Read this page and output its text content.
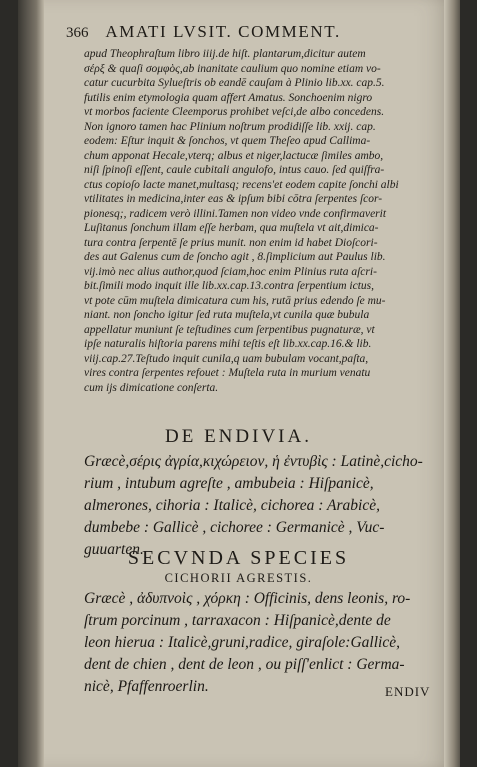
366 AMATI LVSIT. COMMENT.
apud Theophraſtum libro iiij.de hiſt. plantarum,dicitur autem
σέρξ & quaſi σομφὸς,ab inanitate caulium quo nomine etiam vo-
catur cucurbita Sylueſtris ob eandē cauſam à Plinio lib.xx. cap.5.
futilis enim etymologia quam affert Amatus. Sonchoenim nigro
vt morbos faciente Cleemporus prohibet veſci,de albo concedens.
Non ignoro tamen hac Plinium noſtrum prodidiſſe lib. xxij. cap.
eodem: Eſtur inquit & ſonchos, vt quem Theſeo apud Callima-
chum apponat Hecale,vterq; albus et niger,lactucæ ſimiles ambo,
niſi ſpinoſi eſſent, caule cubitali angulofo, intus cauo. ſed quiſfra-
ctus copioſo lacte manet,multasq; recens'et eodem capite ſonchi albi
vtilitates in medicina,inter eas & ipſum bibi cōtra ſerpentes ſcor-
pionesq;, radicem verò illini.Tamen non video vnde confirmaverit
Luſitanus ſonchum illam eſſe herbam, qua muſtela vt ait,dimica-
tura contra ſerpentē ſe prius munit. non enim id habet Dioſcori-
des aut Galenus cum de ſoncho agit , 8.ſimplicium aut Paulus lib.
vij.imò nec alius author,quod ſciam,hoc enim Plinius ruta aſcri-
bit.ſimili modo inquit ille lib.xx.cap.13.contra ſerpentium ictus,
vt pote cūm muſtela dimicatura cum his, rutā prius edendo ſe mu-
niant. non ſoncho igitur ſed ruta muſtela,vt cunila quæ bubula
appellatur muniunt ſe teſtudines cum ſerpentibus pugnaturæ, vt
ipſe naturalis hiſtoria parens mihi teſtis eſt lib.xx.cap.16.& lib.
viij.cap.27.Teſtudo inquit cunila,q uam bubulam vocant,paſta,
vires contra ſerpentes refouet : Muſtela ruta in murium venatu
cum ijs dimicatione conſerta.
DE ENDIVIA.
Græcè,σέρις ἀγρία,κιχώρειον, ἡ ἐντυβὶς : Latinè,cicho-
rium , intubum agreſte , ambubeia : Hiſpanicè,
almerones, cihoria : Italicè, cichorea : Arabicè,
dumbebe : Gallicè , cichoree : Germanicè , Vuc-
guuarten.
SECVNDA SPECIES
CICHORII AGRESTIS.
Græcè , ἀδυπνοὶς , χόρκη : Officinis, dens leonis, ro-
ſtrum porcinum , tarraxacon : Hiſpanicè,dente de
leon hierua : Italicè,gruni,radice, giraſole:Gallicè,
dent de chien , dent de leon , ou piſſ'enlict : Germa-
nicè, Pfaffenroerlin.	ENDIV
